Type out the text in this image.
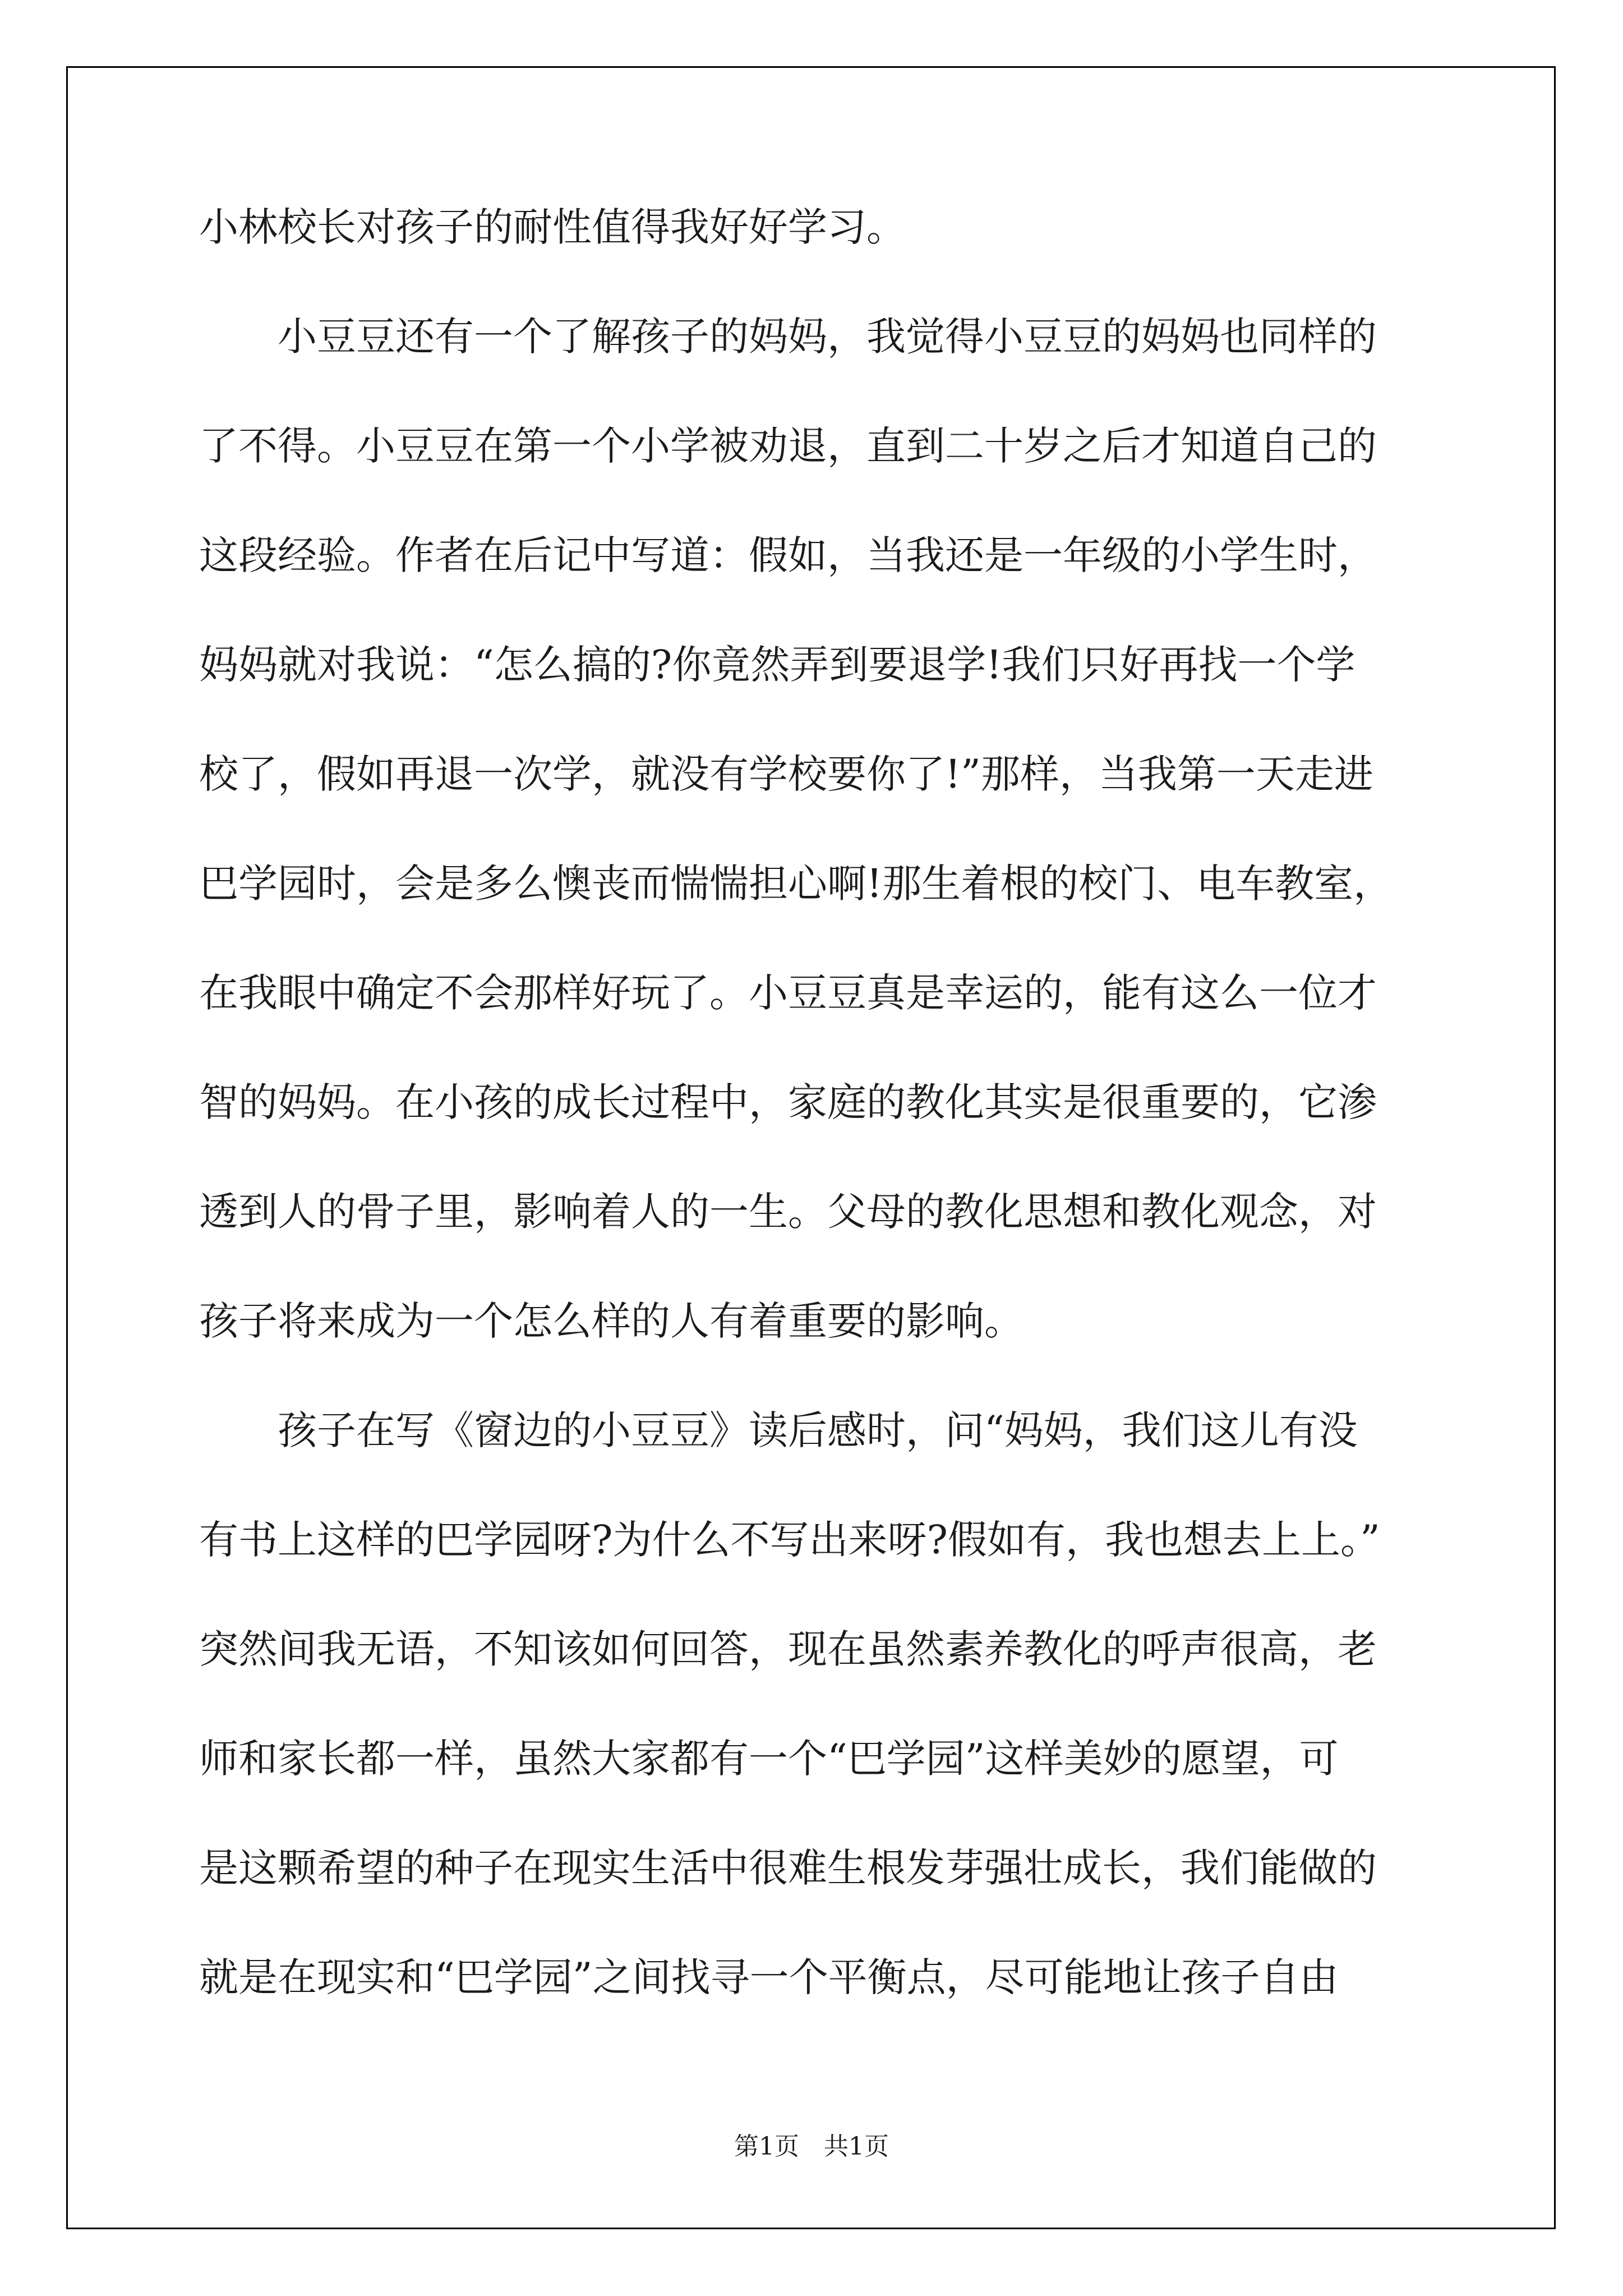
小林校长对孩子的耐性值得我好好学习。
　　小豆豆还有一个了解孩子的妈妈，我觉得小豆豆的妈妈也同样的
了不得。小豆豆在第一个小学被劝退，直到二十岁之后才知道自己的
这段经验。作者在后记中写道：假如，当我还是一年级的小学生时，
妈妈就对我说：“怎么搞的?你竟然弄到要退学!我们只好再找一个学
校了，假如再退一次学，就没有学校要你了!”那样，当我第一天走进
巴学园时，会是多么懊丧而惴惴担心啊!那生着根的校门、电车教室，
在我眼中确定不会那样好玩了。小豆豆真是幸运的，能有这么一位才
智的妈妈。在小孩的成长过程中，家庭的教化其实是很重要的，它渗
透到人的骨子里，影响着人的一生。父母的教化思想和教化观念，对
孩子将来成为一个怎么样的人有着重要的影响。
　　孩子在写《窗边的小豆豆》读后感时，问“妈妈，我们这儿有没
有书上这样的巴学园呀?为什么不写出来呀?假如有，我也想去上上。”
突然间我无语，不知该如何回答，现在虽然素养教化的呼声很高，老
师和家长都一样，虽然大家都有一个“巴学园”这样美妙的愿望，可
是这颗希望的种子在现实生活中很难生根发芽强壮成长，我们能做的
就是在现实和“巴学园”之间找寻一个平衡点，尽可能地让孩子自由
第1页 共1页
